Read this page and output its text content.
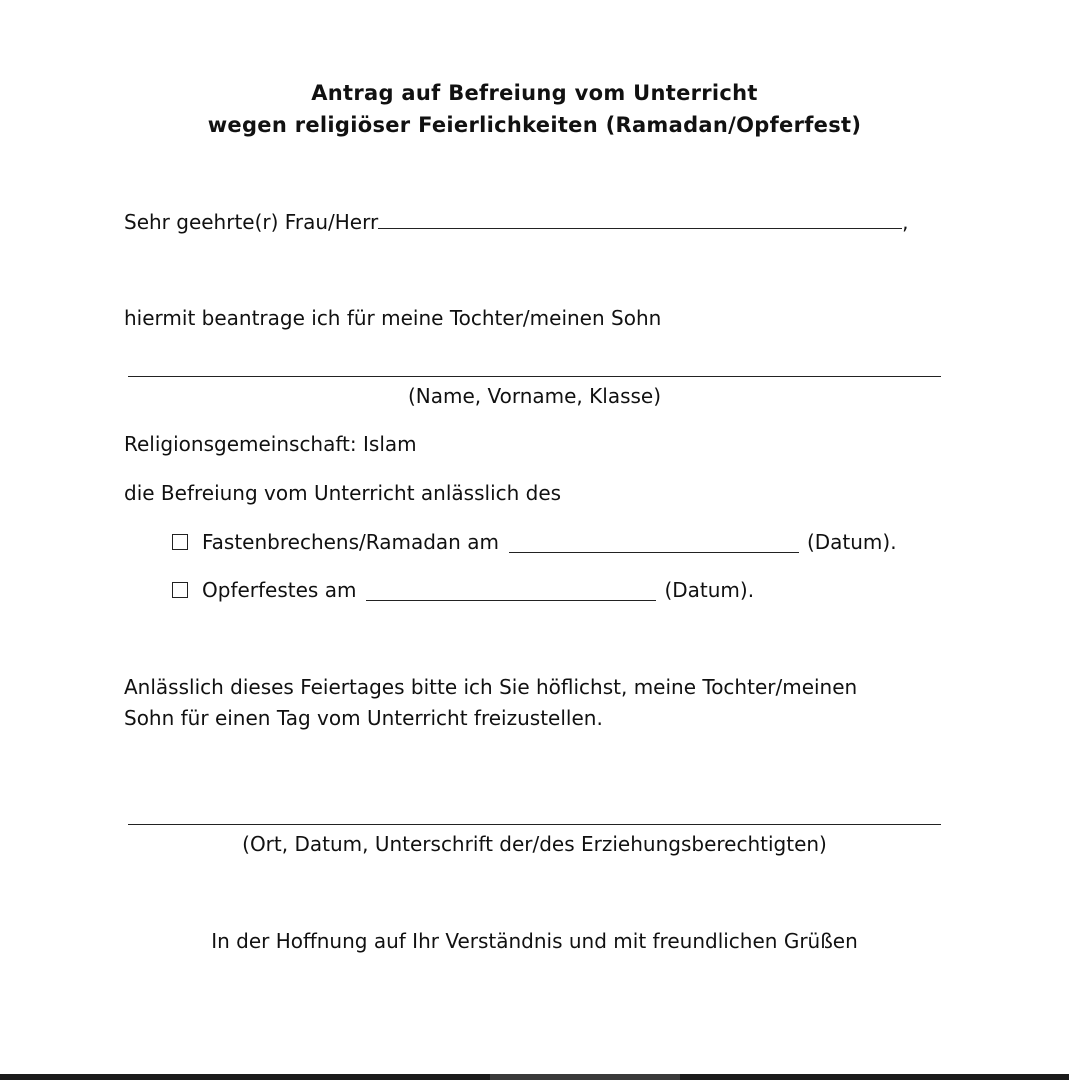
Antrag auf Befreiung vom Unterricht
wegen religiöser Feierlichkeiten (Ramadan/Opferfest)
Sehr geehrte(r) Frau/Herr	,
hiermit beantrage ich für meine Tochter/meinen Sohn
(Name, Vorname, Klasse)
Religionsgemeinschaft: Islam
die Befreiung vom Unterricht anlässlich des
Fastenbrechens/Ramadan am	(Datum).
Opferfestes am	(Datum).
Anlässlich dieses Feiertages bitte ich Sie höflichst, meine Tochter/meinen
Sohn für einen Tag vom Unterricht freizustellen.
(Ort, Datum, Unterschrift der/des Erziehungsberechtigten)
In der Hoffnung auf Ihr Verständnis und mit freundlichen Grüßen
